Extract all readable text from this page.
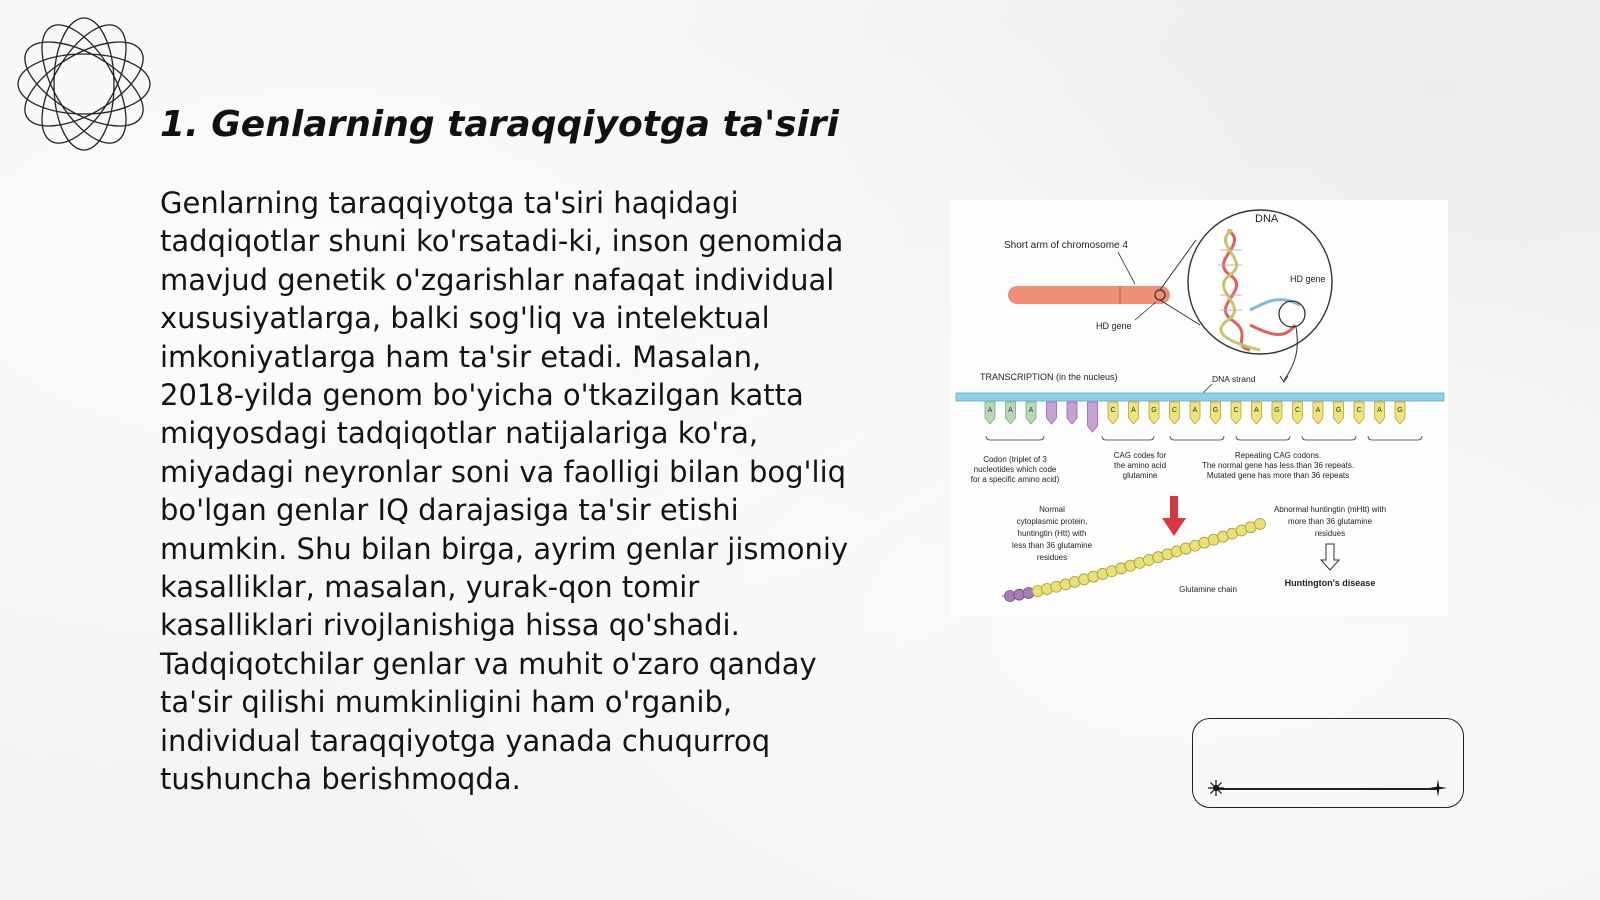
1. Genlarning taraqqiyotga ta'siri

Genlarning taraqqiyotga ta'siri haqidagi tadqiqotlar shuni ko'rsatadi-ki, inson genomida mavjud genetik o'zgarishlar nafaqat individual xususiyatlarga, balki sog'liq va intelektual imkoniyatlarga ham ta'sir etadi. Masalan, 2018-yilda genom bo'yicha o'tkazilgan katta miqyosdagi tadqiqotlar natijalariga ko'ra, miyadagi neyronlar soni va faolligi bilan bog'liq bo'lgan genlar IQ darajasiga ta'sir etishi mumkin. Shu bilan birga, ayrim genlar jismoniy kasalliklar, masalan, yurak-qon tomir kasalliklari rivojlanishiga hissa qo'shadi. Tadqiqotchilar genlar va muhit o'zaro qanday ta'sir qilishi mumkinligini ham o'rganib, individual taraqqiyotga yanada chuqurroq tushuncha berishmoqda.

DNA
Short arm of chromosome 4
HD gene
HD gene
TRANSCRIPTION (in the nucleus)	DNA strand
A A A	C A G C A G C A G C A G C A G
Codon (triplet of 3
nucleotides which code
for a specific amino acid)
CAG codes for
the amino acid
glutamine
Repeating CAG codons.
The normal gene has less than 36 repeats.
Mutated gene has more than 36 repeats
Normal
cytoplasmic protein,
huntingtin (Htt) with
less than 36 glutamine
residues
Abnormal huntingtin (mHtt) with
more than 36 glutamine
residues
Glutamine chain
Huntington's disease
